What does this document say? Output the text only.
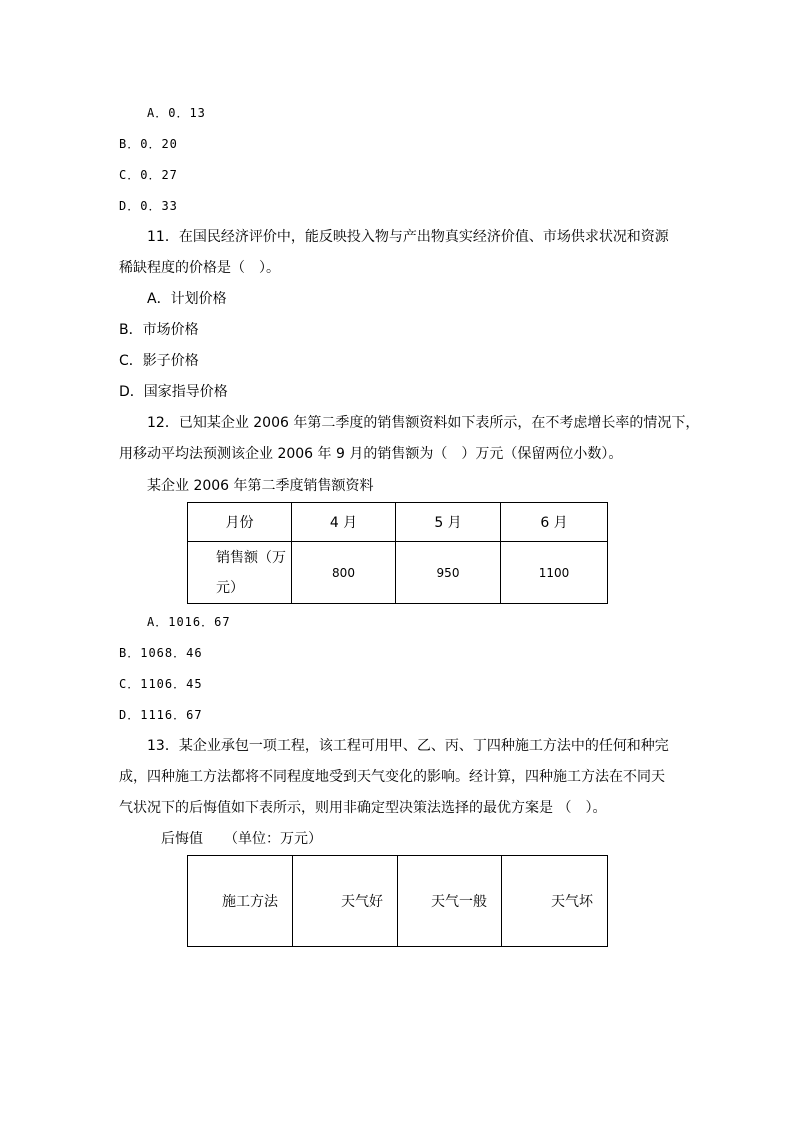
A．0．13
B．0．20
C．0．27
D．0．33
11．在国民经济评价中，能反映投入物与产出物真实经济价值、市场供求状况和资源
稀缺程度的价格是（　）。
A．计划价格
B．市场价格
C．影子价格
D．国家指导价格
12．已知某企业 2006 年第二季度的销售额资料如下表所示，在不考虑增长率的情况下，
用移动平均法预测该企业 2006 年 9 月的销售额为（　）万元（保留两位小数）。
某企业 2006 年第二季度销售额资料
月份	4 月	5 月	6 月
销售额（万元）	800	950	1100
A．1016．67
B．1068．46
C．1106．45
D．1116．67
13．某企业承包一项工程，该工程可用甲、乙、丙、丁四种施工方法中的任何和种完
成，四种施工方法都将不同程度地受到天气变化的影响。经计算，四种施工方法在不同天
气状况下的后悔值如下表所示，则用非确定型决策法选择的最优方案是 （　）。
后悔值　　（单位：万元）
施工方法	天气好	天气一般	天气坏
